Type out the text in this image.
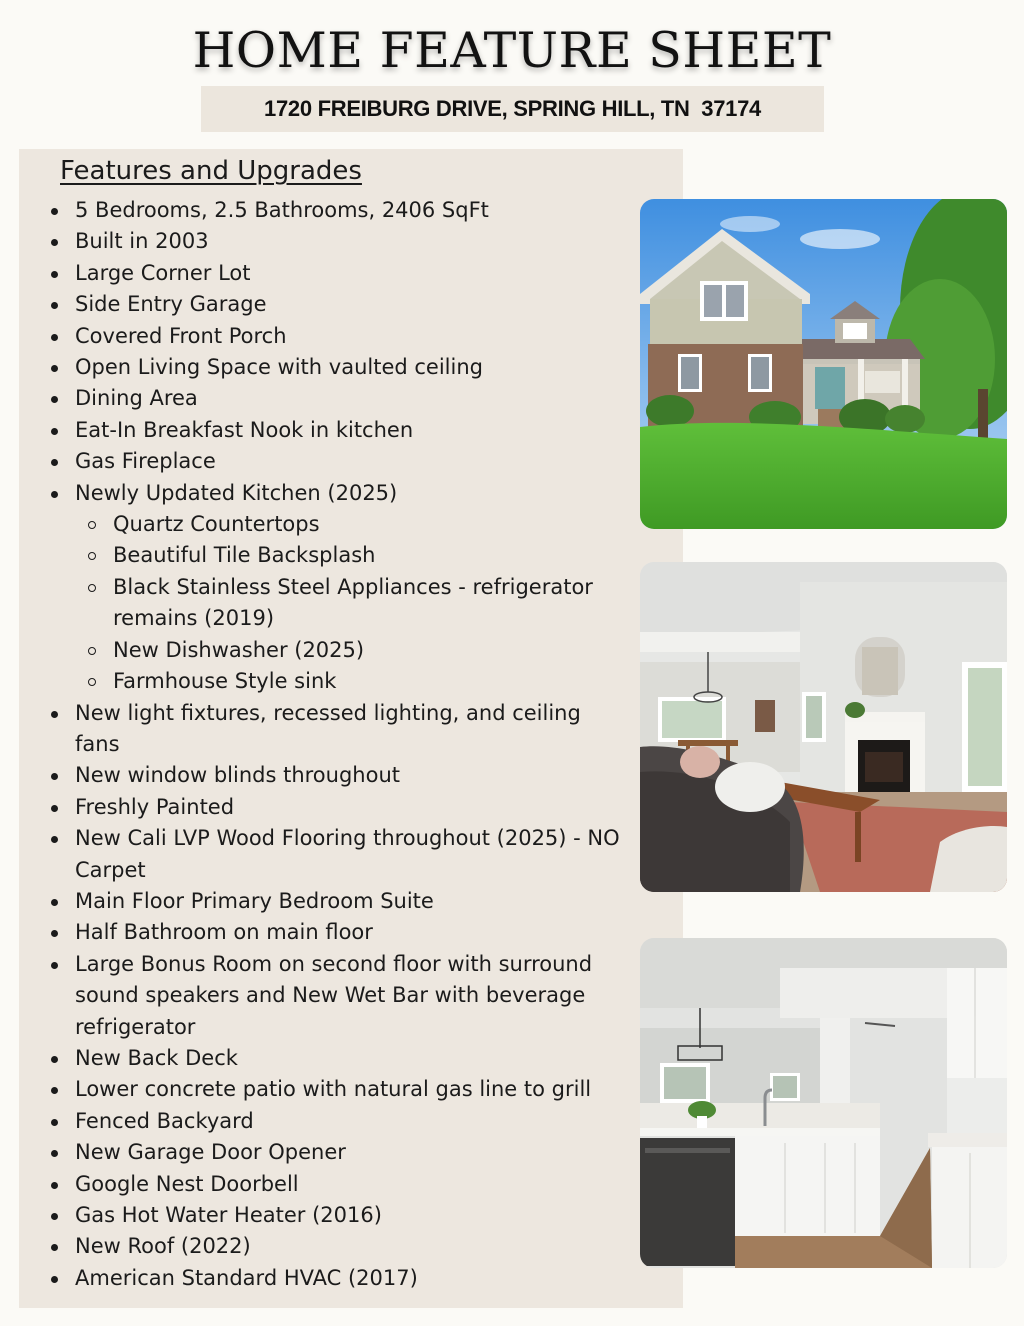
HOME FEATURE SHEET
1720 FREIBURG DRIVE, SPRING HILL, TN  37174
Features and Upgrades
5 Bedrooms, 2.5 Bathrooms, 2406 SqFt
Built in 2003
Large Corner Lot
Side Entry Garage
Covered Front Porch
Open Living Space with vaulted ceiling
Dining Area
Eat-In Breakfast Nook in kitchen
Gas Fireplace
Newly Updated Kitchen (2025)
Quartz Countertops
Beautiful Tile Backsplash
Black Stainless Steel Appliances - refrigerator remains (2019)
New Dishwasher (2025)
Farmhouse Style sink
New light fixtures, recessed lighting, and ceiling fans
New window blinds throughout
Freshly Painted
New Cali LVP Wood Flooring throughout (2025) - NO Carpet
Main Floor Primary Bedroom Suite
Half Bathroom on main floor
Large Bonus Room on second floor with surround sound speakers and New Wet Bar with beverage refrigerator
New Back Deck
Lower concrete patio with natural gas line to grill
Fenced Backyard
New Garage Door Opener
Google Nest Doorbell
Gas Hot Water Heater (2016)
New Roof (2022)
American Standard HVAC (2017)
